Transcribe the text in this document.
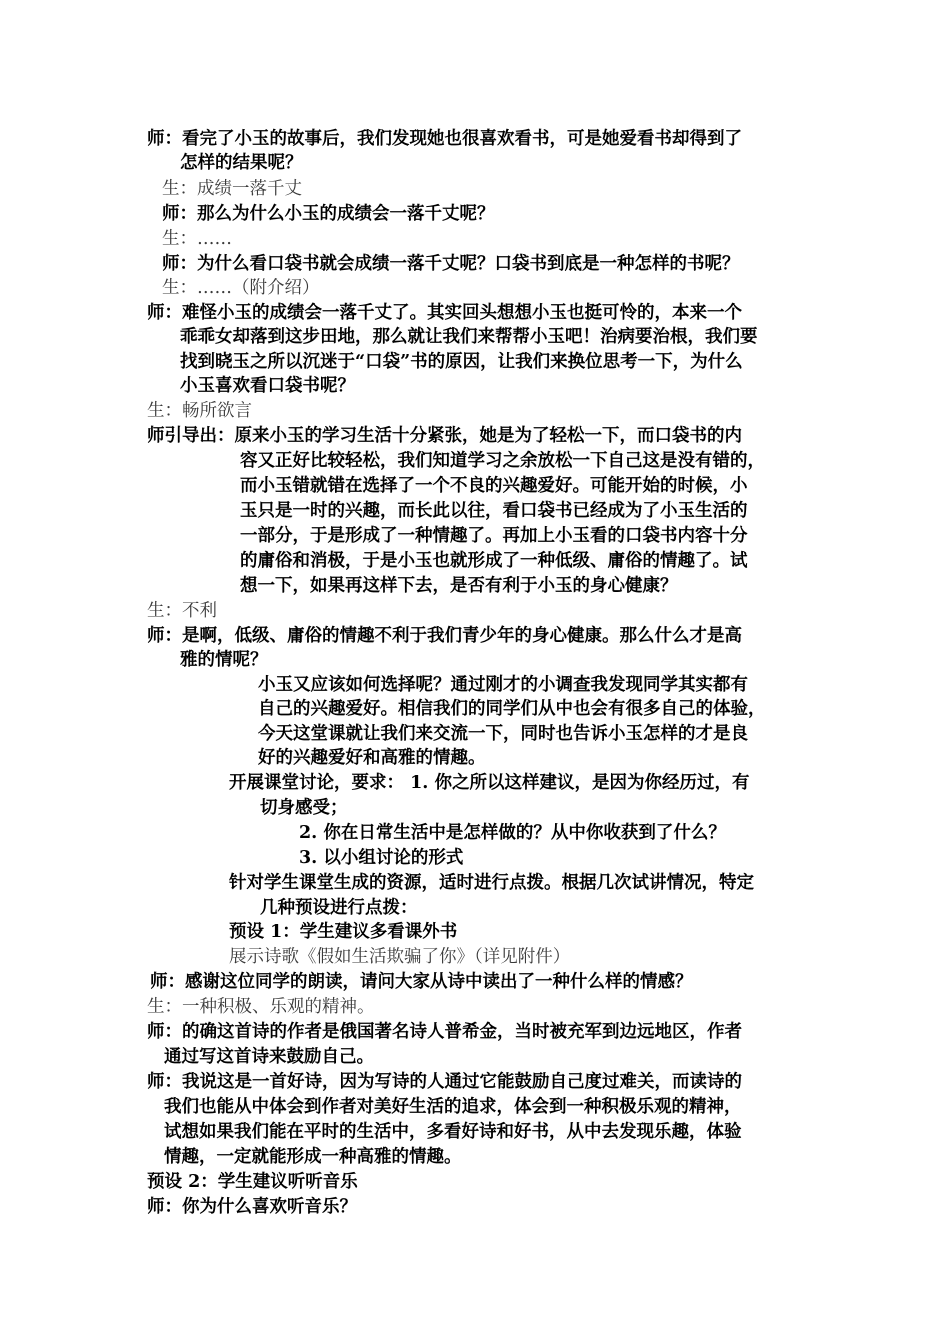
师：看完了小玉的故事后，我们发现她也很喜欢看书，可是她爱看书却得到了
怎样的结果呢？
生：成绩一落千丈
师：那么为什么小玉的成绩会一落千丈呢？
生：……
师：为什么看口袋书就会成绩一落千丈呢？口袋书到底是一种怎样的书呢？
生：……（附介绍）
师：难怪小玉的成绩会一落千丈了。其实回头想想小玉也挺可怜的，本来一个
乖乖女却落到这步田地，那么就让我们来帮帮小玉吧！治病要治根，我们要
找到晓玉之所以沉迷于“口袋”书的原因，让我们来换位思考一下，为什么
小玉喜欢看口袋书呢？
生：畅所欲言
师引导出：原来小玉的学习生活十分紧张，她是为了轻松一下，而口袋书的内
容又正好比较轻松，我们知道学习之余放松一下自己这是没有错的，
而小玉错就错在选择了一个不良的兴趣爱好。可能开始的时候，小
玉只是一时的兴趣，而长此以往，看口袋书已经成为了小玉生活的
一部分，于是形成了一种情趣了。再加上小玉看的口袋书内容十分
的庸俗和消极，于是小玉也就形成了一种低级、庸俗的情趣了。试
想一下，如果再这样下去，是否有利于小玉的身心健康？
生：不利
师：是啊，低级、庸俗的情趣不利于我们青少年的身心健康。那么什么才是高
雅的情呢？
小玉又应该如何选择呢？通过刚才的小调查我发现同学其实都有
自己的兴趣爱好。相信我们的同学们从中也会有很多自己的体验，
今天这堂课就让我们来交流一下，同时也告诉小玉怎样的才是良
好的兴趣爱好和高雅的情趣。
开展课堂讨论，要求： 1. 你之所以这样建议，是因为你经历过，有
切身感受；
2. 你在日常生活中是怎样做的？从中你收获到了什么？
3. 以小组讨论的形式
针对学生课堂生成的资源，适时进行点拨。根据几次试讲情况，特定
几种预设进行点拨：
预设 1：学生建议多看课外书
展示诗歌《假如生活欺骗了你》（详见附件）
师：感谢这位同学的朗读，请问大家从诗中读出了一种什么样的情感？
生：一种积极、乐观的精神。
师：的确这首诗的作者是俄国著名诗人普希金，当时被充军到边远地区，作者
通过写这首诗来鼓励自己。
师：我说这是一首好诗，因为写诗的人通过它能鼓励自己度过难关，而读诗的
我们也能从中体会到作者对美好生活的追求，体会到一种积极乐观的精神，
试想如果我们能在平时的生活中，多看好诗和好书，从中去发现乐趣，体验
情趣，一定就能形成一种高雅的情趣。
预设 2：学生建议听听音乐
师：你为什么喜欢听音乐？
